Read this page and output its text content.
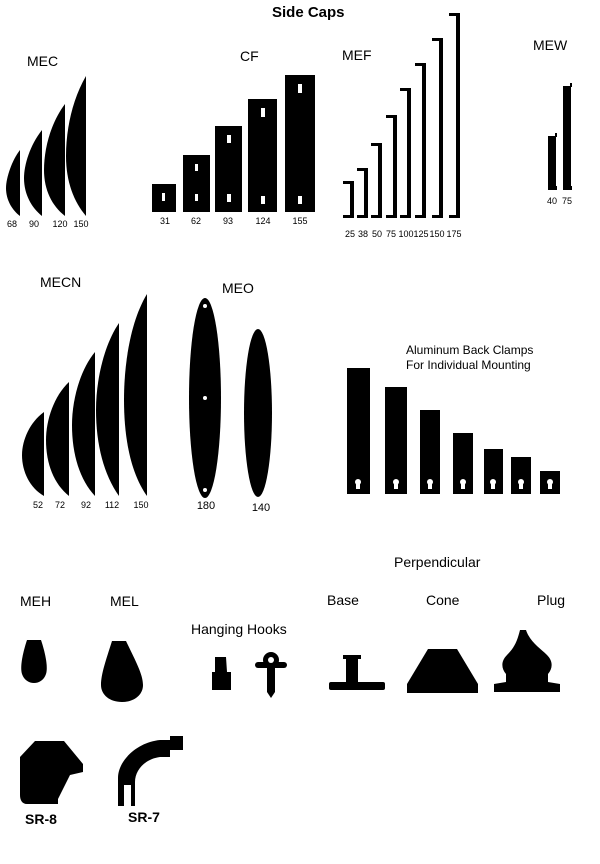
Side Caps
MEC	CF	MEF
MEW
MECN	MEO
Aluminum Back Clamps
For Individual Mounting
MEH	MEL
Hanging Hooks
Perpendicular
Base	Cone	Plug
SR-8	SR-7
68	90	120 150	31	62	93	124	155
25 38 50 75 100 125 150 175
40 75
52	72	92	112	150	180	140
